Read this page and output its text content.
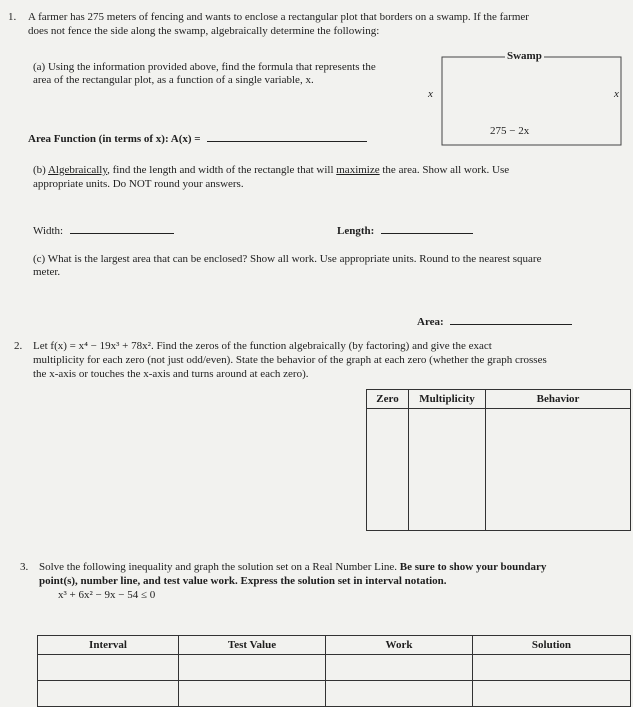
1. A farmer has 275 meters of fencing and wants to enclose a rectangular plot that borders on a swamp. If the farmer
does not fence the side along the swamp, algebraically determine the following:
(a) Using the information provided above, find the formula that represents the
area of the rectangular plot, as a function of a single variable, x.
Swamp
x	x
275 − 2x
Area Function (in terms of x): A(x) =
(b) Algebraically, find the length and width of the rectangle that will maximize the area. Show all work. Use
appropriate units. Do NOT round your answers.
Width:	Length:
(c) What is the largest area that can be enclosed? Show all work. Use appropriate units. Round to the nearest square
meter.
Area:
2. Let f(x) = x⁴ − 19x³ + 78x². Find the zeros of the function algebraically (by factoring) and give the exact
multiplicity for each zero (not just odd/even). State the behavior of the graph at each zero (whether the graph crosses
the x-axis or touches the x-axis and turns around at each zero).
Zero	Multiplicity	Behavior

3. Solve the following inequality and graph the solution set on a Real Number Line. Be sure to show your boundary
point(s), number line, and test value work. Express the solution set in interval notation.
x³ + 6x² − 9x − 54 ≤ 0
Interval	Test Value	Work	Solution
